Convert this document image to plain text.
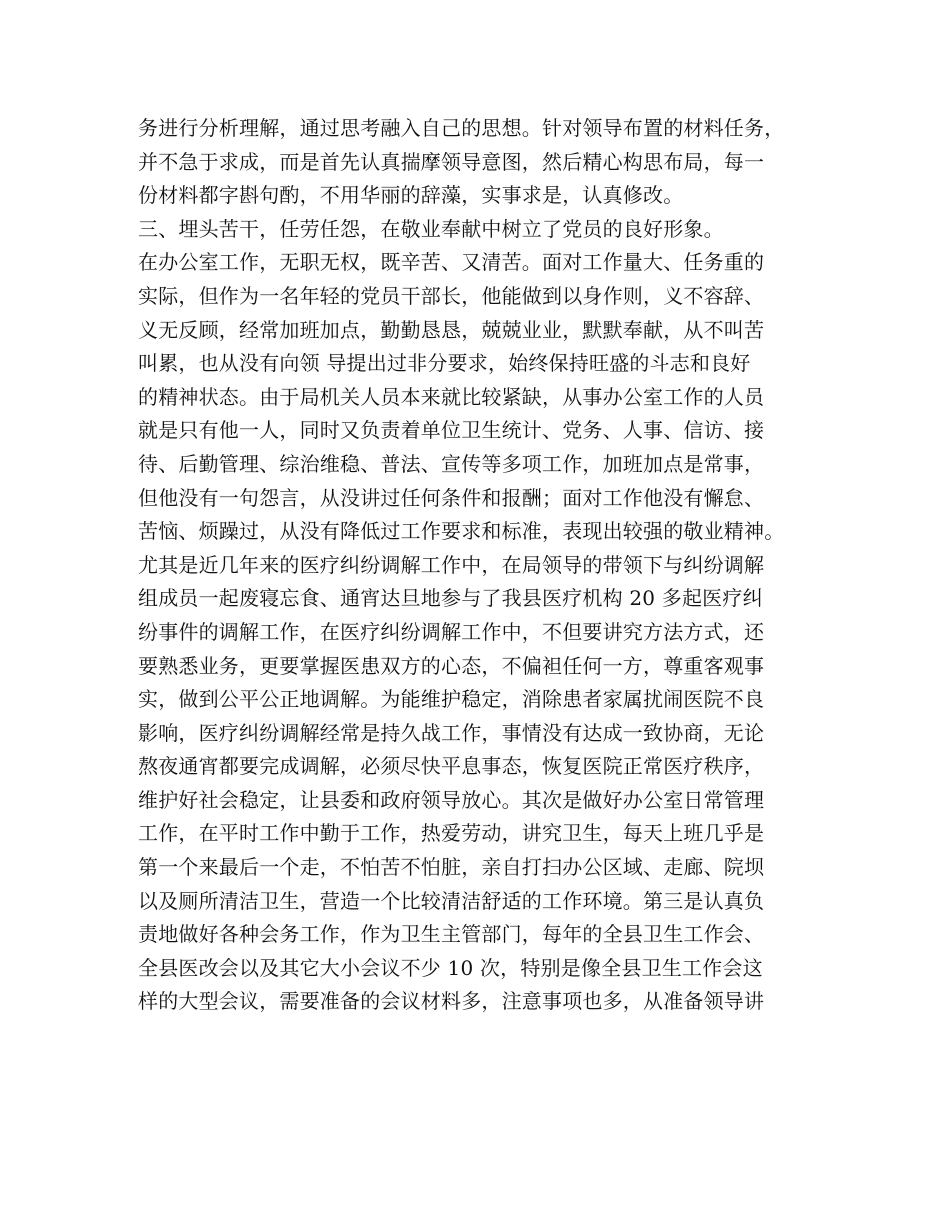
务进行分析理解，通过思考融入自己的思想。针对领导布置的材料任务，
并不急于求成，而是首先认真揣摩领导意图，然后精心构思布局，每一
份材料都字斟句酌，不用华丽的辞藻，实事求是，认真修改。
三、埋头苦干，任劳任怨，在敬业奉献中树立了党员的良好形象。
在办公室工作，无职无权，既辛苦、又清苦。面对工作量大、任务重的
实际，但作为一名年轻的党员干部长，他能做到以身作则，义不容辞、
义无反顾，经常加班加点，勤勤恳恳，兢兢业业，默默奉献，从不叫苦
叫累，也从没有向领 导提出过非分要求，始终保持旺盛的斗志和良好
的精神状态。由于局机关人员本来就比较紧缺，从事办公室工作的人员
就是只有他一人，同时又负责着单位卫生统计、党务、人事、信访、接
待、后勤管理、综治维稳、普法、宣传等多项工作，加班加点是常事，
但他没有一句怨言，从没讲过任何条件和报酬；面对工作他没有懈怠、
苦恼、烦躁过，从没有降低过工作要求和标准，表现出较强的敬业精神。
尤其是近几年来的医疗纠纷调解工作中，在局领导的带领下与纠纷调解
组成员一起废寝忘食、通宵达旦地参与了我县医疗机构 20 多起医疗纠
纷事件的调解工作，在医疗纠纷调解工作中，不但要讲究方法方式，还
要熟悉业务，更要掌握医患双方的心态，不偏袒任何一方，尊重客观事
实，做到公平公正地调解。为能维护稳定，消除患者家属扰闹医院不良
影响，医疗纠纷调解经常是持久战工作，事情没有达成一致协商，无论
熬夜通宵都要完成调解，必须尽快平息事态，恢复医院正常医疗秩序，
维护好社会稳定，让县委和政府领导放心。其次是做好办公室日常管理
工作，在平时工作中勤于工作，热爱劳动，讲究卫生，每天上班几乎是
第一个来最后一个走，不怕苦不怕脏，亲自打扫办公区域、走廊、院坝
以及厕所清洁卫生，营造一个比较清洁舒适的工作环境。第三是认真负
责地做好各种会务工作，作为卫生主管部门，每年的全县卫生工作会、
全县医改会以及其它大小会议不少 10 次，特别是像全县卫生工作会这
样的大型会议，需要准备的会议材料多，注意事项也多，从准备领导讲
